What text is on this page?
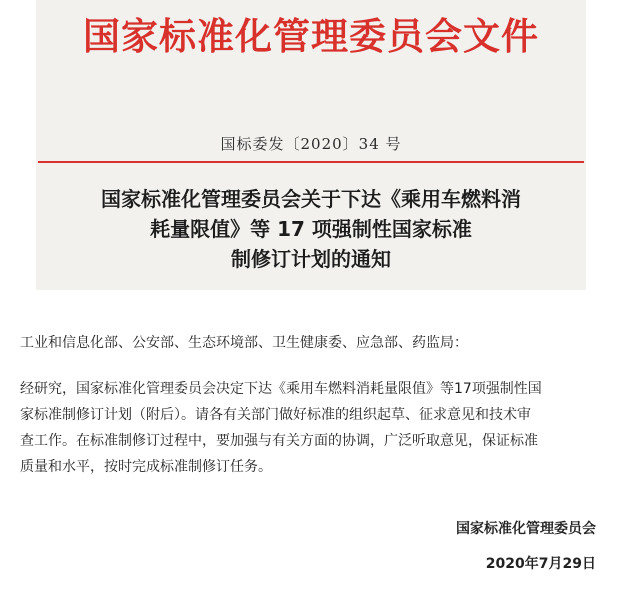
国家标准化管理委员会文件
国标委发〔2020〕34 号
国家标准化管理委员会关于下达《乘用车燃料消
耗量限值》等 17 项强制性国家标准
制修订计划的通知
工业和信息化部、公安部、生态环境部、卫生健康委、应急部、药监局：
经研究，国家标准化管理委员会决定下达《乘用车燃料消耗量限值》等17项强制性国
家标准制修订计划（附后）。请各有关部门做好标准的组织起草、征求意见和技术审
查工作。在标准制修订过程中，要加强与有关方面的协调，广泛听取意见，保证标准
质量和水平，按时完成标准制修订任务。
国家标准化管理委员会
2020年7月29日
